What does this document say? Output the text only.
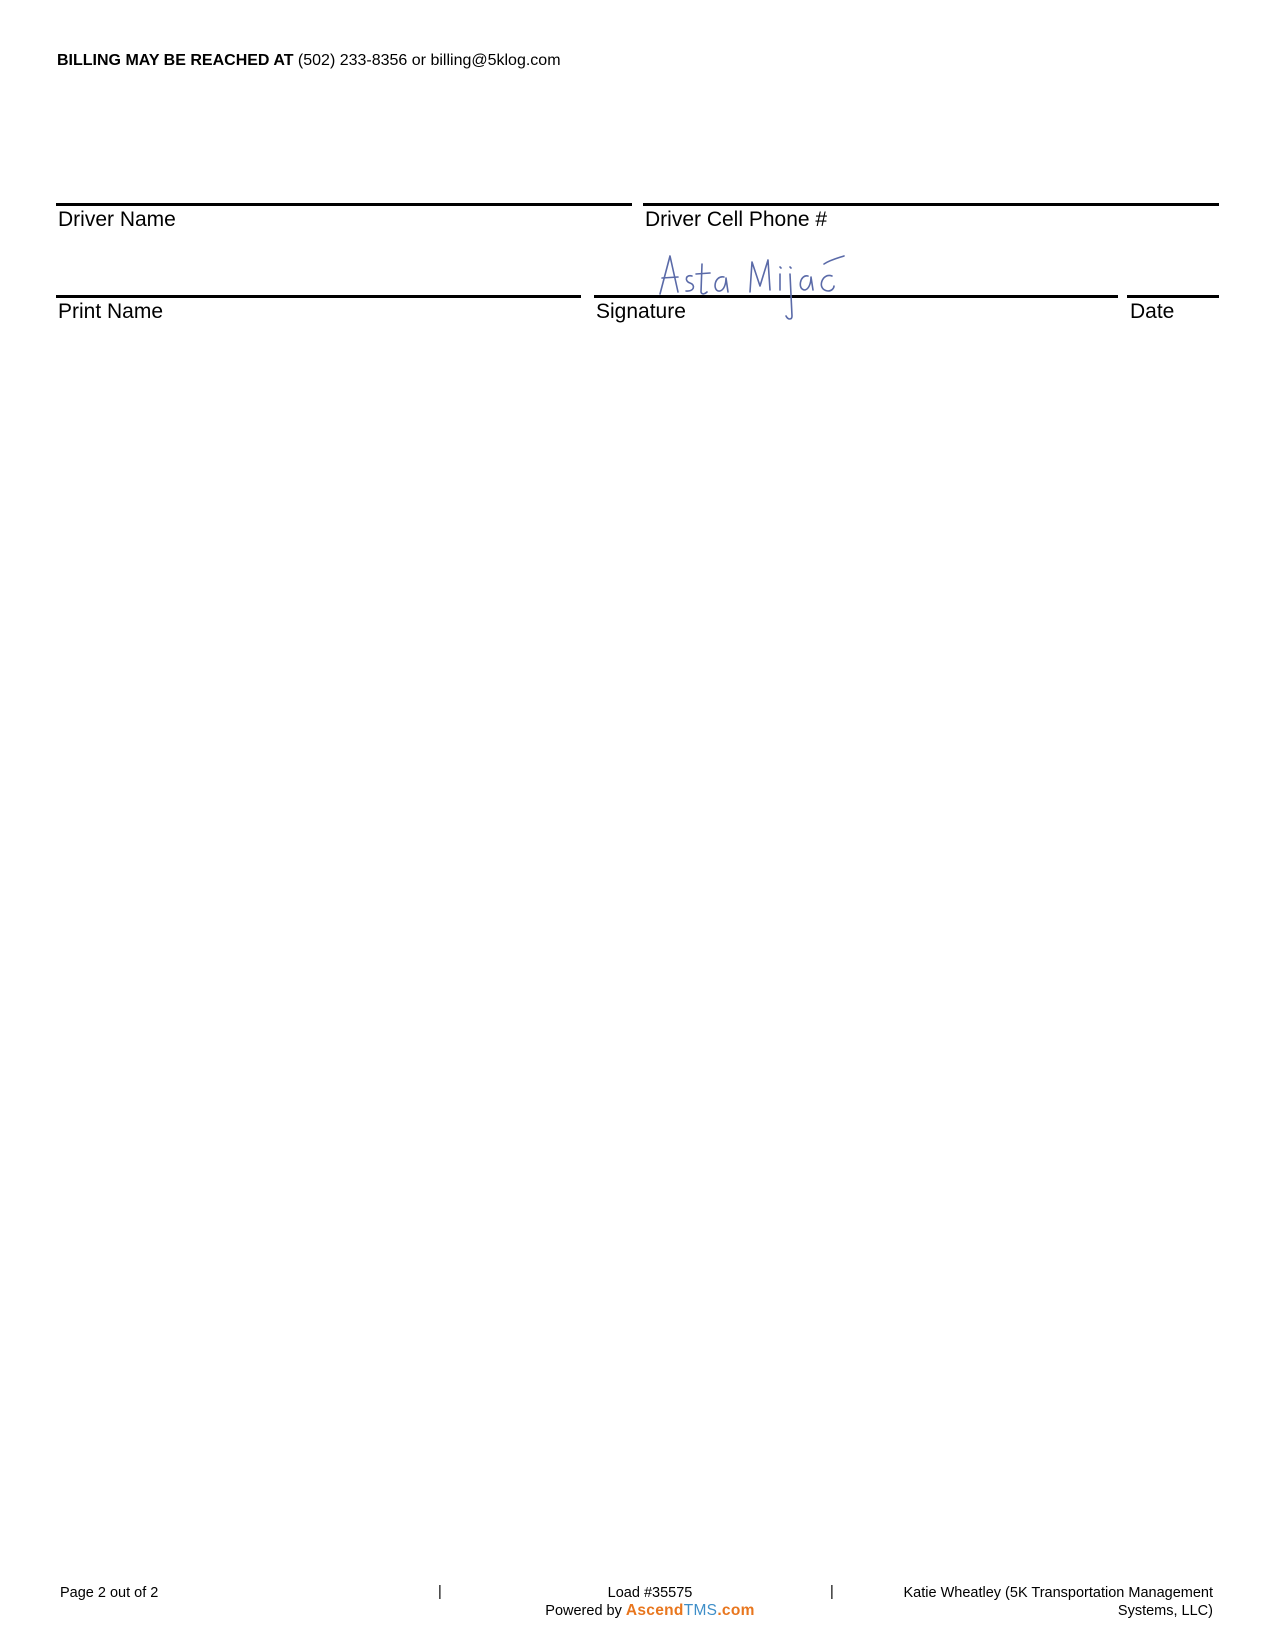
BILLING MAY BE REACHED AT (502) 233-8356 or billing@5klog.com
Driver Name	Driver Cell Phone #
Print Name	Signature	Date
Page 2 out of 2	|	Load #35575
Powered by AscendTMS.com
|	Katie Wheatley (5K Transportation Management Systems, LLC)
